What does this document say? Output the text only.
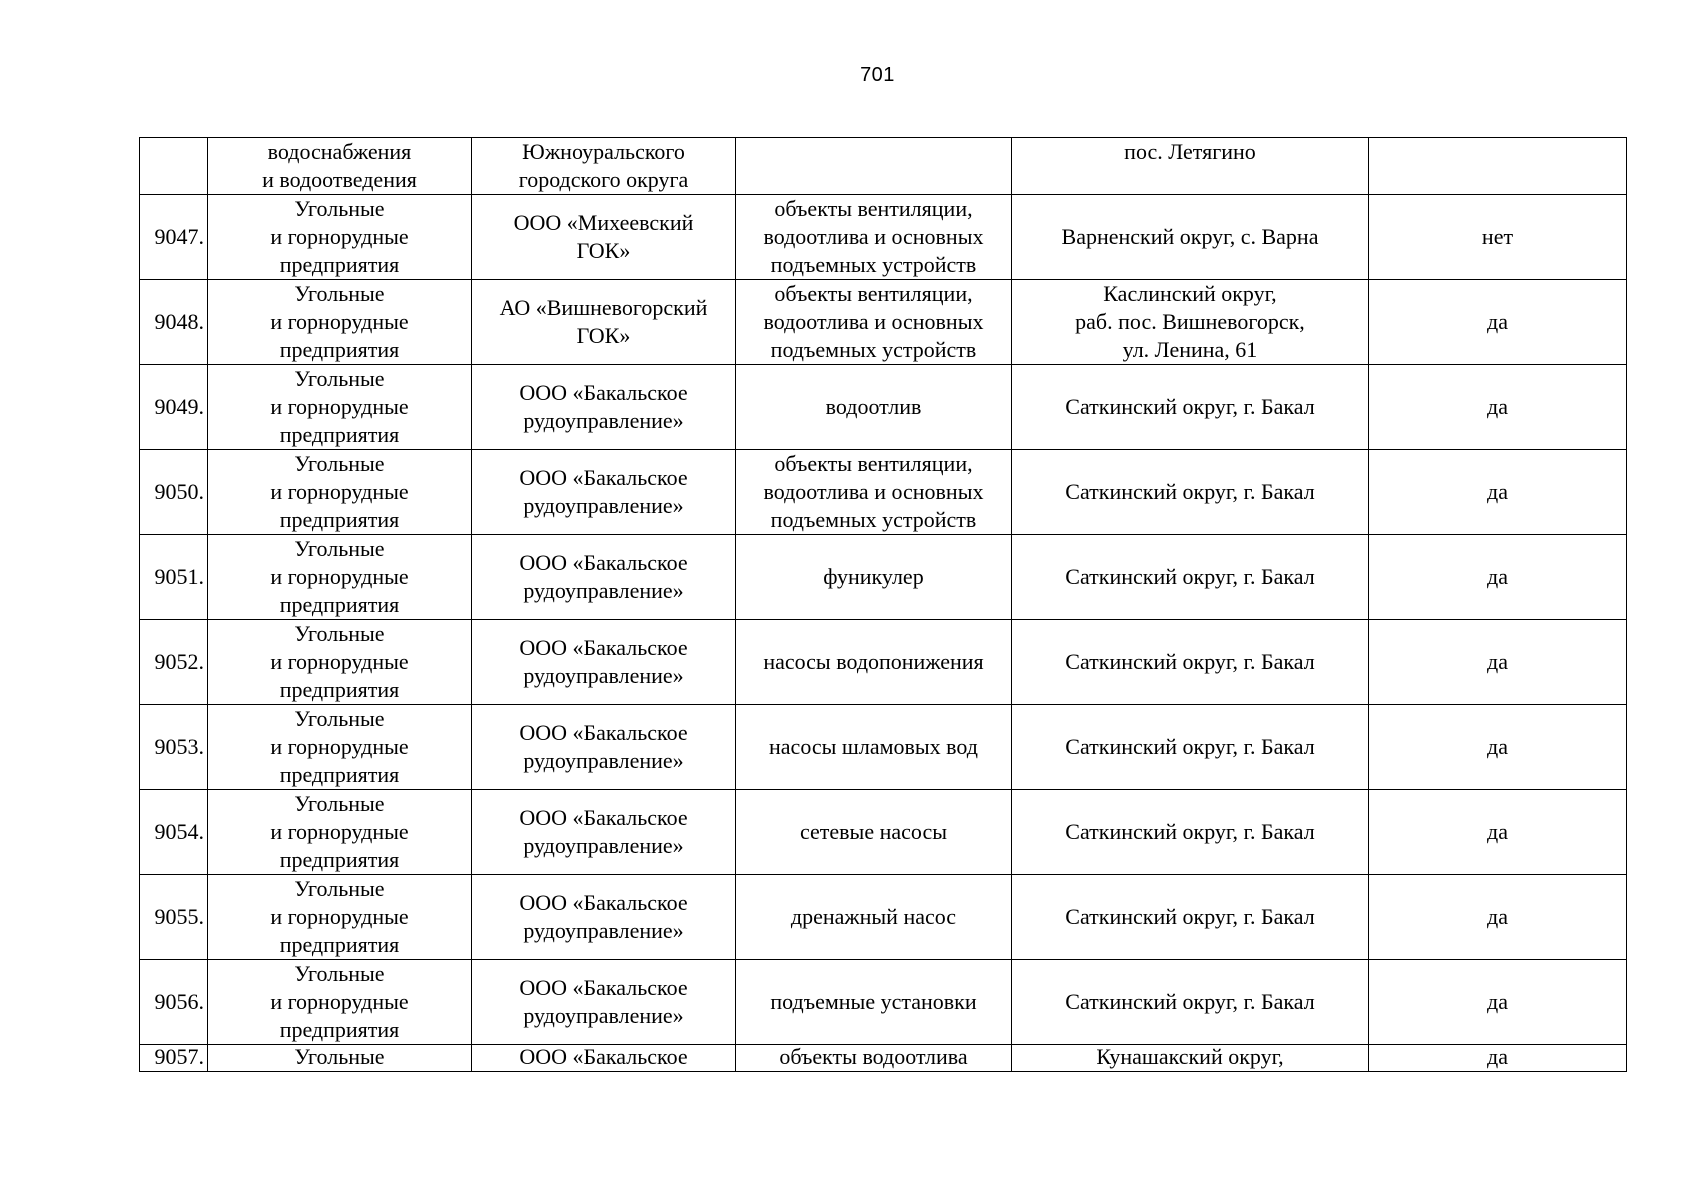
701

	водоснабжения
и водоотведения	Южноуральского
городского округа		пос. Летягино	

9047.	Угольные
и горнорудные
предприятия	ООО «Михеевский
ГОК»	объекты вентиляции,
водоотлива и основных
подъемных устройств	Варненский округ, с. Варна	нет
9048.	Угольные
и горнорудные
предприятия	АО «Вишневогорский
ГОК»	объекты вентиляции,
водоотлива и основных
подъемных устройств	Каслинский округ,
раб. пос. Вишневогорск,
ул. Ленина, 61	да
9049.	Угольные
и горнорудные
предприятия	ООО «Бакальское
рудоуправление»	водоотлив	Саткинский округ, г. Бакал	да
9050.	Угольные
и горнорудные
предприятия	ООО «Бакальское
рудоуправление»	объекты вентиляции,
водоотлива и основных
подъемных устройств	Саткинский округ, г. Бакал	да
9051.	Угольные
и горнорудные
предприятия	ООО «Бакальское
рудоуправление»	фуникулер	Саткинский округ, г. Бакал	да
9052.	Угольные
и горнорудные
предприятия	ООО «Бакальское
рудоуправление»	насосы водопонижения	Саткинский округ, г. Бакал	да
9053.	Угольные
и горнорудные
предприятия	ООО «Бакальское
рудоуправление»	насосы шламовых вод	Саткинский округ, г. Бакал	да
9054.	Угольные
и горнорудные
предприятия	ООО «Бакальское
рудоуправление»	сетевые насосы	Саткинский округ, г. Бакал	да
9055.	Угольные
и горнорудные
предприятия	ООО «Бакальское
рудоуправление»	дренажный насос	Саткинский округ, г. Бакал	да
9056.	Угольные
и горнорудные
предприятия	ООО «Бакальское
рудоуправление»	подъемные установки	Саткинский округ, г. Бакал	да
9057.	Угольные	ООО «Бакальское	объекты водоотлива	Кунашакский округ,	да
